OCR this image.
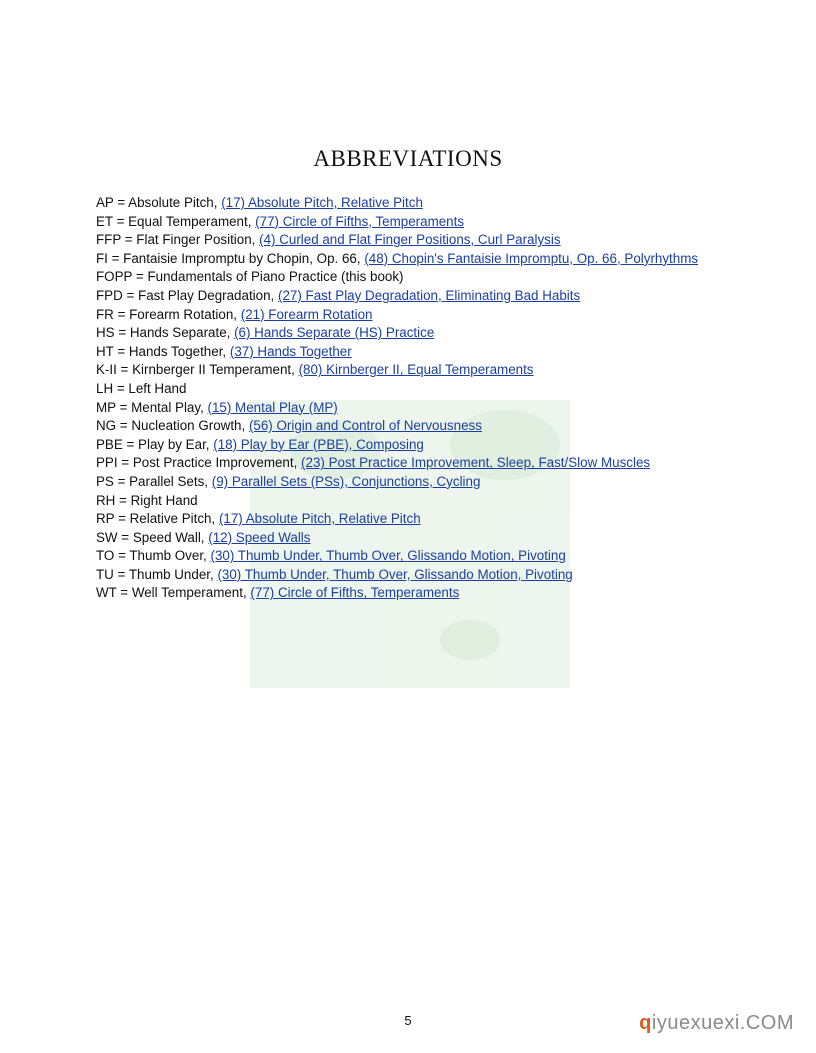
ABBREVIATIONS
AP = Absolute Pitch, (17) Absolute Pitch, Relative Pitch
ET = Equal Temperament, (77) Circle of Fifths, Temperaments
FFP = Flat Finger Position, (4) Curled and Flat Finger Positions, Curl Paralysis
FI = Fantaisie Impromptu by Chopin, Op. 66, (48) Chopin's Fantaisie Impromptu, Op. 66, Polyrhythms
FOPP = Fundamentals of Piano Practice (this book)
FPD = Fast Play Degradation, (27) Fast Play Degradation, Eliminating Bad Habits
FR = Forearm Rotation, (21) Forearm Rotation
HS = Hands Separate, (6) Hands Separate (HS) Practice
HT = Hands Together, (37) Hands Together
K-II = Kirnberger II Temperament, (80) Kirnberger II, Equal Temperaments
LH = Left Hand
MP = Mental Play, (15) Mental Play (MP)
NG = Nucleation Growth, (56) Origin and Control of Nervousness
PBE = Play by Ear, (18) Play by Ear (PBE), Composing
PPI = Post Practice Improvement, (23) Post Practice Improvement, Sleep, Fast/Slow Muscles
PS = Parallel Sets, (9) Parallel Sets (PSs), Conjunctions, Cycling
RH = Right Hand
RP = Relative Pitch, (17) Absolute Pitch, Relative Pitch
SW = Speed Wall, (12) Speed Walls
TO = Thumb Over, (30) Thumb Under, Thumb Over, Glissando Motion, Pivoting
TU = Thumb Under, (30) Thumb Under, Thumb Over, Glissando Motion, Pivoting
WT = Well Temperament, (77) Circle of Fifths, Temperaments
5	qiyuexuexi.COM
